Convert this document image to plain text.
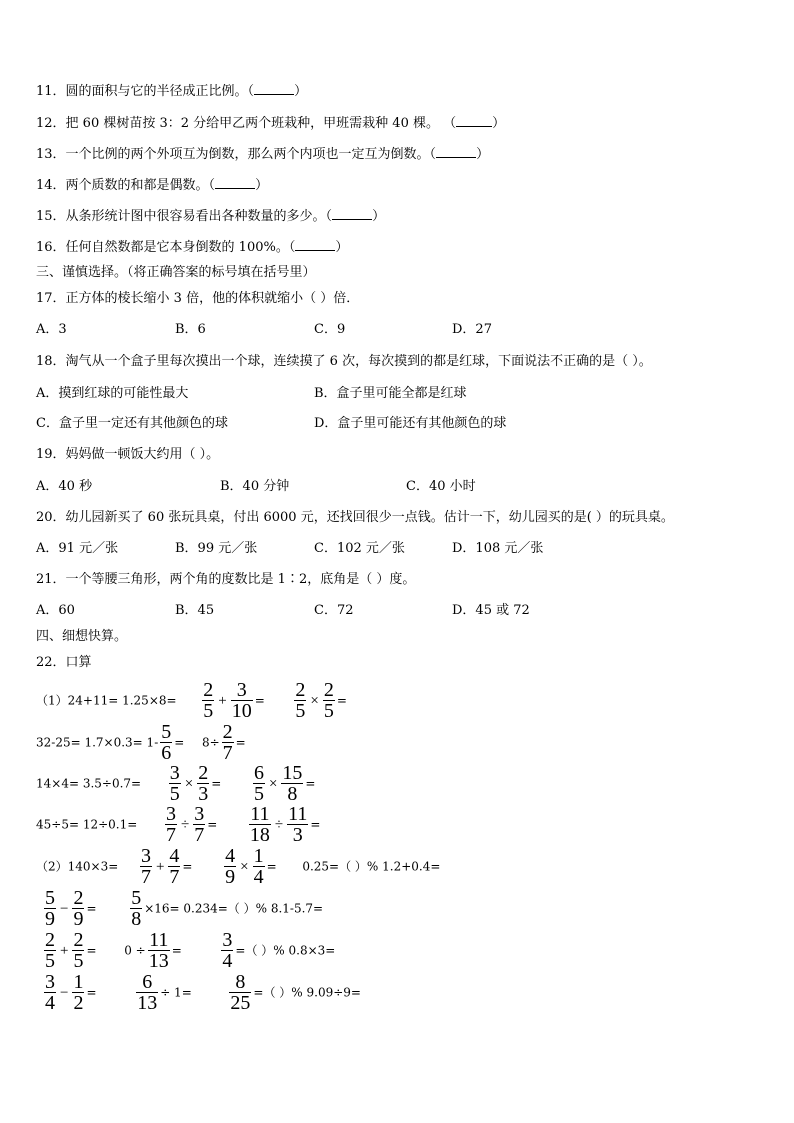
11．圆的面积与它的半径成正比例。（	）
12．把 60 棵树苗按 3：2 分给甲乙两个班栽种，甲班需栽种 40 棵。 （	）
13．一个比例的两个外项互为倒数，那么两个内项也一定互为倒数。（	）
14．两个质数的和都是偶数。（	）
15．从条形统计图中很容易看出各种数量的多少。（	）
16．任何自然数都是它本身倒数的 100%。（	）
三、谨慎选择。（将正确答案的标号填在括号里）
17．正方体的棱长缩小 3 倍，他的体积就缩小（ ）倍．
A．3	B．6	C．9	D．27
18．淘气从一个盒子里每次摸出一个球，连续摸了 6 次，每次摸到的都是红球，下面说法不正确的是（ ）。
A．摸到红球的可能性最大	B．盒子里可能全都是红球
C．盒子里一定还有其他颜色的球	D．盒子里可能还有其他颜色的球
19．妈妈做一顿饭大约用（ ）。
A．40 秒	B．40 分钟	C．40 小时
20．幼儿园新买了 60 张玩具桌，付出 6000 元，还找回很少一点钱。估计一下，幼儿园买的是( ）的玩具桌。
A．91 元／张	B．99 元／张	C．102 元／张	D．108 元／张
21．一个等腰三角形，两个角的度数比是 1∶2，底角是（ ）度。
A．60	B．45	C．72	D．45 或 72
四、细想快算。
22．口算
$(1)24+11= 1.25\times 8= \frac{2}{5} + \frac{3}{10} = \frac{2}{5} \times \frac{2}{5}$ =
$32-25= 1.7\times 0.3= 1- \frac{5}{6} = 8\div \frac{2}{7}$ =
$14\times 4= 3.5\div 0.7= \frac{3}{5} \times \frac{2}{3} = \frac{6}{5} \times \frac{15}{8}$ =
$45\div 5= 12\div 0.1= \frac{3}{7} \div \frac{3}{7} = \frac{11}{18} \div \frac{11}{3}$ =
$(2)140\times 3= \frac{3}{7} + \frac{4}{7} = \frac{4}{9} \times \frac{1}{4} = 0.25=$（ ）% 1.2+0.4=
$\frac{5}{9} - \frac{2}{9} = \frac{5}{8} \times 16= 0.234=$（ ）% 8.1-5.7=
$\frac{2}{5} + \frac{2}{5} = 0 \div \frac{11}{13} = \frac{3}{4}$ =（ ）% 0.8×3=
$\frac{3}{4} - \frac{1}{2} = \frac{6}{13} \div 1= \frac{8}{25}$ =（ ）% 9.09÷9=
